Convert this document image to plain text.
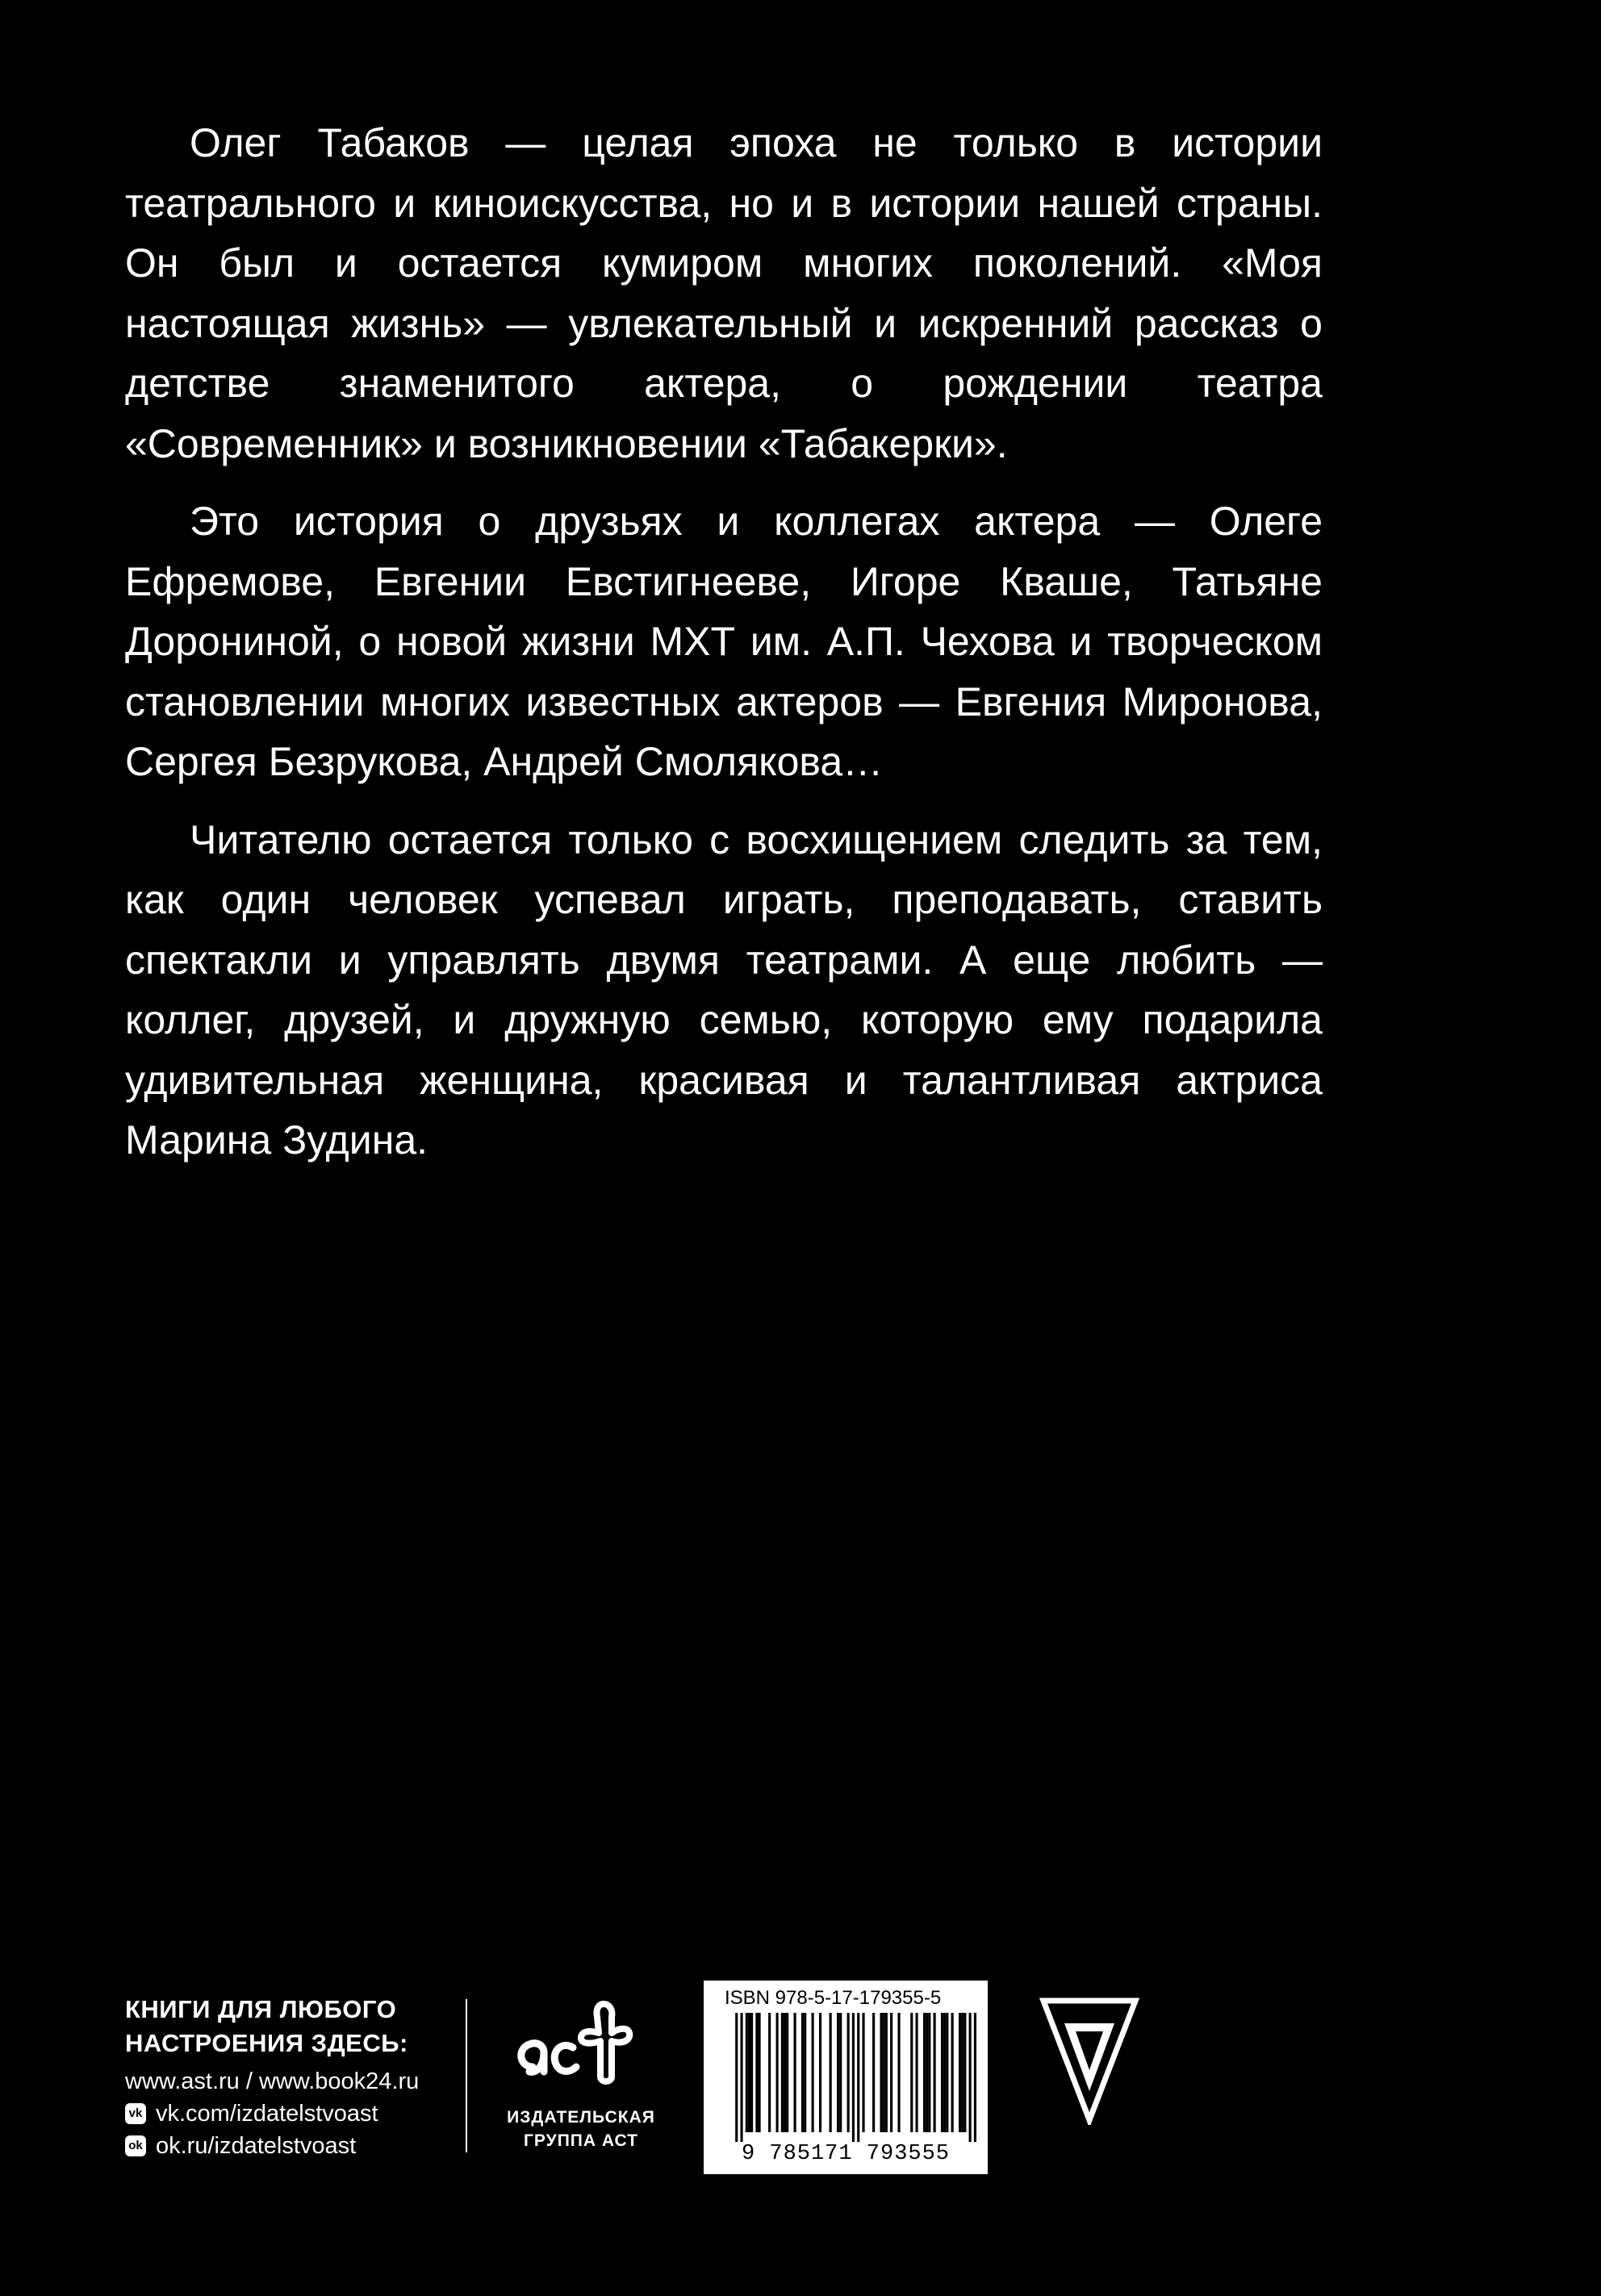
Олег Табаков — целая эпоха не только в истории театрального и киноискусства, но и в истории нашей страны. Он был и остается кумиром многих поколений. «Моя настоящая жизнь» — увлекательный и искренний рассказ о детстве знаменитого актера, о рождении театра «Современник» и возникновении «Табакерки».

Это история о друзьях и коллегах актера — Олеге Ефремове, Евгении Евстигнееве, Игоре Кваше, Татьяне Дорониной, о новой жизни МХТ им. А.П. Чехова и творческом становлении многих известных актеров — Евгения Миронова, Сергея Безрукова, Андрей Смолякова…

Читателю остается только с восхищением следить за тем, как один человек успевал играть, преподавать, ставить спектакли и управлять двумя театрами. А еще любить — коллег, друзей, и дружную семью, которую ему подарила удивительная женщина, красивая и талантливая актриса Марина Зудина.

КНИГИ ДЛЯ ЛЮБОГО
НАСТРОЕНИЯ ЗДЕСЬ:
www.ast.ru / www.book24.ru
vk vk.com/izdatelstvoast
ok ok.ru/izdatelstvoast
ИЗДАТЕЛЬСКАЯ
ГРУППА АСТ
ISBN 978-5-17-179355-5
9 785171 793555
